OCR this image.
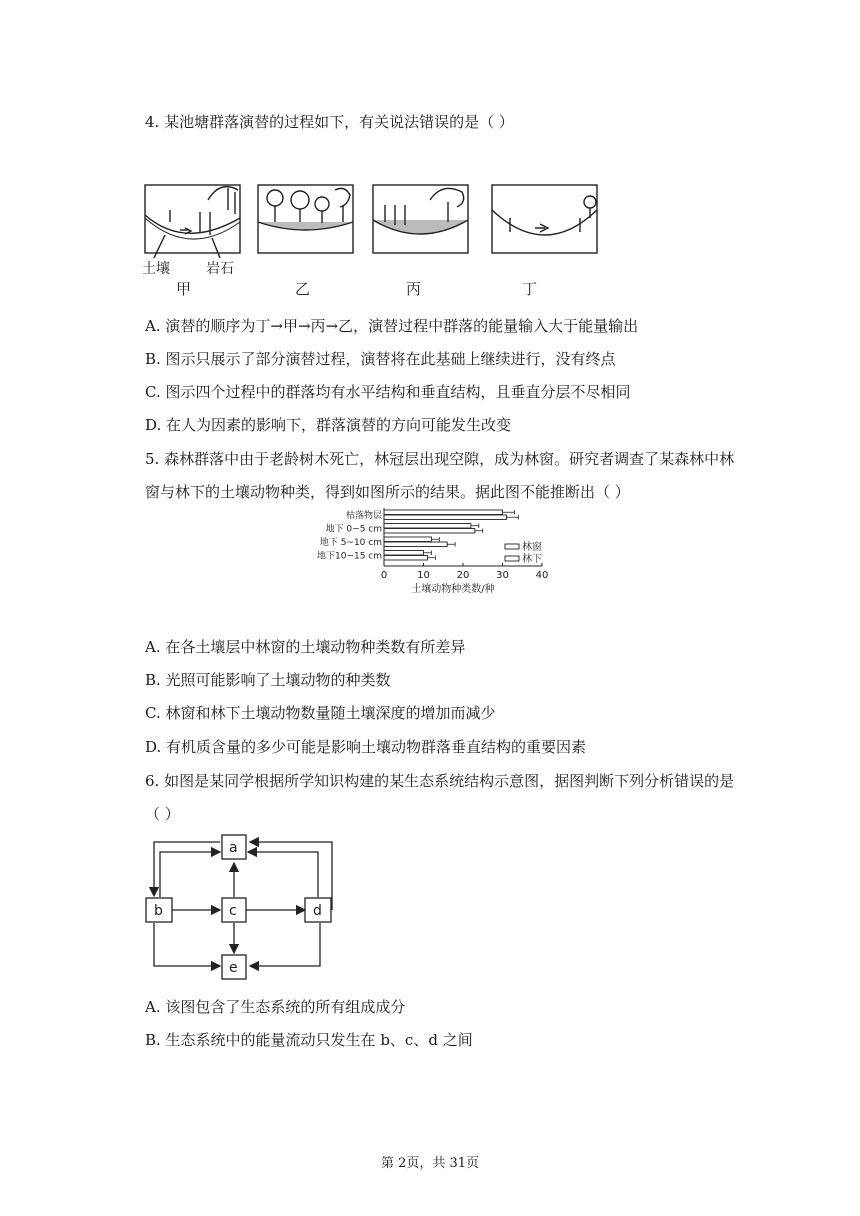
4. 某池塘群落演替的过程如下，有关说法错误的是（ ）
土壤	岩石
甲	乙	丙	丁
A. 演替的顺序为丁→甲→丙→乙，演替过程中群落的能量输入大于能量输出
B. 图示只展示了部分演替过程，演替将在此基础上继续进行，没有终点
C. 图示四个过程中的群落均有水平结构和垂直结构，且垂直分层不尽相同
D. 在人为因素的影响下，群落演替的方向可能发生改变
5. 森林群落中由于老龄树木死亡，林冠层出现空隙，成为林窗。研究者调查了某森林中林
窗与林下的土壤动物种类，得到如图所示的结果。据此图不能推断出（ ）
枯落物层
地下 0~5 cm
地下 5~10 cm
地下10~15 cm
0	10	20	30	40
土壤动物种类数/种
林窗
林下
A. 在各土壤层中林窗的土壤动物种类数有所差异
B. 光照可能影响了土壤动物的种类数
C. 林窗和林下土壤动物数量随土壤深度的增加而减少
D. 有机质含量的多少可能是影响土壤动物群落垂直结构的重要因素
6. 如图是某同学根据所学知识构建的某生态系统结构示意图，据图判断下列分析错误的是
（ ）
a
b	c	d
e
A. 该图包含了生态系统的所有组成成分
B. 生态系统中的能量流动只发生在 b、c、d 之间
第 2页，共 31页
